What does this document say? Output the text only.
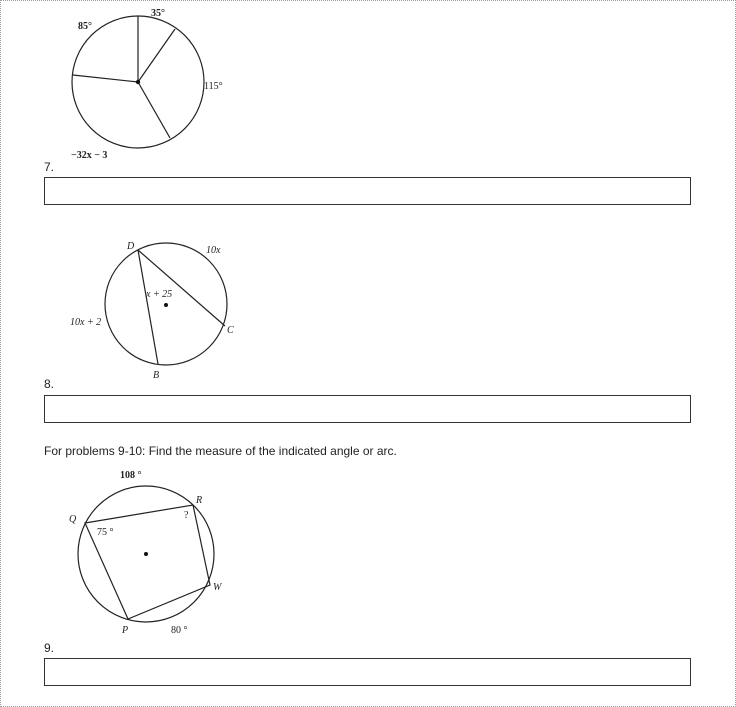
35°
85°
115°
−32x − 3
7.
D	10x
x + 25
10x + 2
C
B
8.
For problems 9-10: Find the measure of the indicated angle or arc.
108 °
R
Q	?
75 °
W
P	80 °
9.
